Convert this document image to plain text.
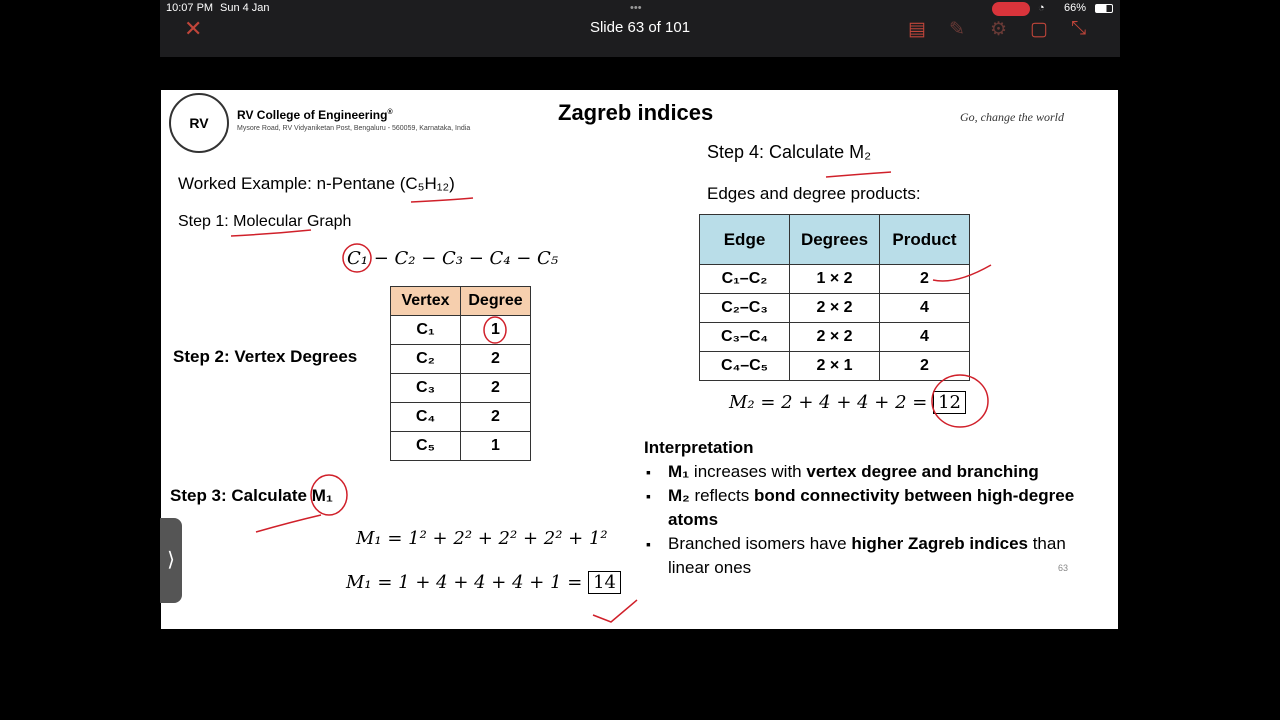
10:07 PM Sun 4 Jan	•••	◔ 66%
✕	Slide 63 of 101	▤ ✎ ⚙ ▢ ⤡
RV	RV College of Engineering®
Mysore Road, RV Vidyaniketan Post, Bengaluru - 560059, Karnataka, India
Zagreb indices	Go, change the world
Worked Example: n-Pentane (C₅H₁₂)
Step 1: Molecular Graph
C₁ − C₂ − C₃ − C₄ − C₅
Step 2: Vertex Degrees
Vertex	Degree
C₁	1
C₂	2
C₃	2
C₄	2
C₅	1
Step 3: Calculate M₁
M₁ = 1² + 2² + 2² + 2² + 1²
M₁ = 1 + 4 + 4 + 4 + 1 = 14
Step 4: Calculate M₂
Edges and degree products:
Edge	Degrees	Product
C₁–C₂	1 × 2	2
C₂–C₃	2 × 2	4
C₃–C₄	2 × 2	4
C₄–C₅	2 × 1	2
M₂ = 2 + 4 + 4 + 2 = 12
Interpretation
▪ M₁ increases with vertex degree and branching
▪ M₂ reflects bond connectivity between high-degree atoms
▪ Branched isomers have higher Zagreb indices than linear ones	63
⟩
